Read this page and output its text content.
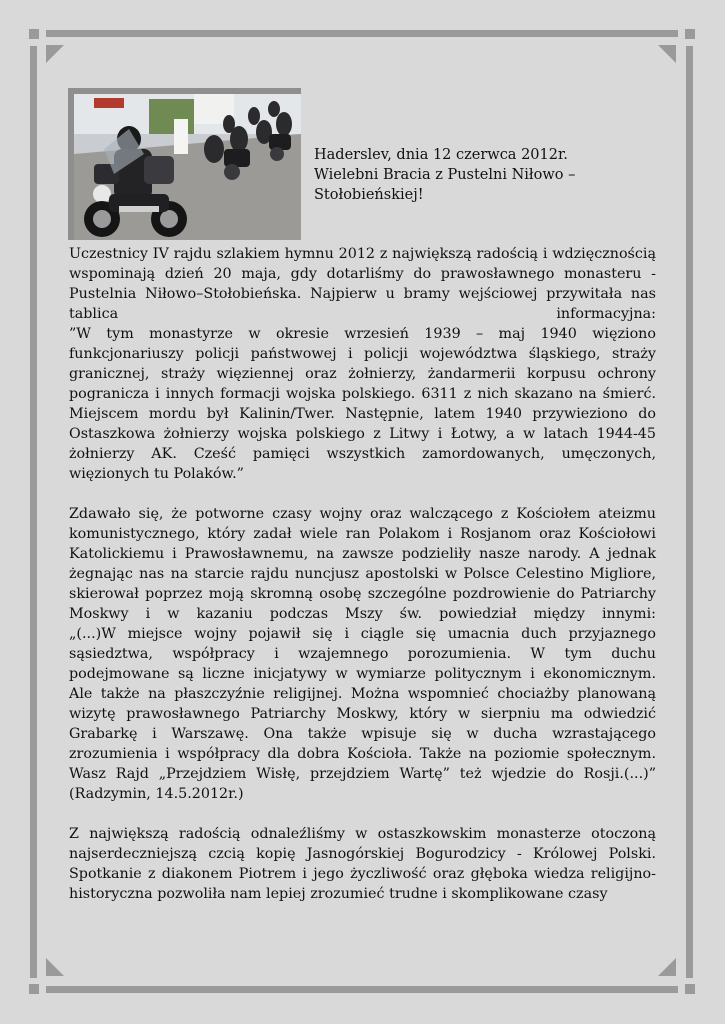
Haderslev, dnia 12 czerwca 2012r.
Wielebni Bracia z Pustelni Niłowo –
Stołobieńskiej!
Uczestnicy IV rajdu szlakiem hymnu 2012 z największą radością i wdzięcznością
wspominają dzień 20 maja, gdy dotarliśmy do prawosławnego monasteru -
Pustelnia Niłowo–Stołobieńska. Najpierw u bramy wejściowej przywitała nas
tablica informacyjna:
”W tym monastyrze w okresie wrzesień 1939 – maj 1940 więziono
funkcjonariuszy policji państwowej i policji województwa śląskiego, straży
granicznej, straży więziennej oraz żołnierzy, żandarmerii korpusu ochrony
pogranicza i innych formacji wojska polskiego. 6311 z nich skazano na śmierć.
Miejscem mordu był Kalinin/Twer. Następnie, latem 1940 przywieziono do
Ostaszkowa żołnierzy wojska polskiego z Litwy i Łotwy, a w latach 1944-45
żołnierzy AK. Cześć pamięci wszystkich zamordowanych, umęczonych,
więzionych tu Polaków.”
Zdawało się, że potworne czasy wojny oraz walczącego z Kościołem ateizmu
komunistycznego, który zadał wiele ran Polakom i Rosjanom oraz Kościołowi
Katolickiemu i Prawosławnemu, na zawsze podzieliły nasze narody. A jednak
żegnając nas na starcie rajdu nuncjusz apostolski w Polsce Celestino Migliore,
skierował poprzez moją skromną osobę szczególne pozdrowienie do Patriarchy
Moskwy i w kazaniu podczas Mszy św. powiedział między innymi:
„(...)W miejsce wojny pojawił się i ciągle się umacnia duch przyjaznego
sąsiedztwa, współpracy i wzajemnego porozumienia. W tym duchu
podejmowane są liczne inicjatywy w wymiarze politycznym i ekonomicznym.
Ale także na płaszczyźnie religijnej. Można wspomnieć chociażby planowaną
wizytę prawosławnego Patriarchy Moskwy, który w sierpniu ma odwiedzić
Grabarkę i Warszawę. Ona także wpisuje się w ducha wzrastającego
zrozumienia i współpracy dla dobra Kościoła. Także na poziomie społecznym.
Wasz Rajd „Przejdziem Wisłę, przejdziem Wartę” też wjedzie do Rosji.(...)”
(Radzymin, 14.5.2012r.)
Z największą radością odnaleźliśmy w ostaszkowskim monasterze otoczoną
najserdeczniejszą czcią kopię Jasnogórskiej Bogurodzicy - Królowej Polski.
Spotkanie z diakonem Piotrem i jego życzliwość oraz głęboka wiedza religijno-
historyczna pozwoliła nam lepiej zrozumieć trudne i skomplikowane czasy
